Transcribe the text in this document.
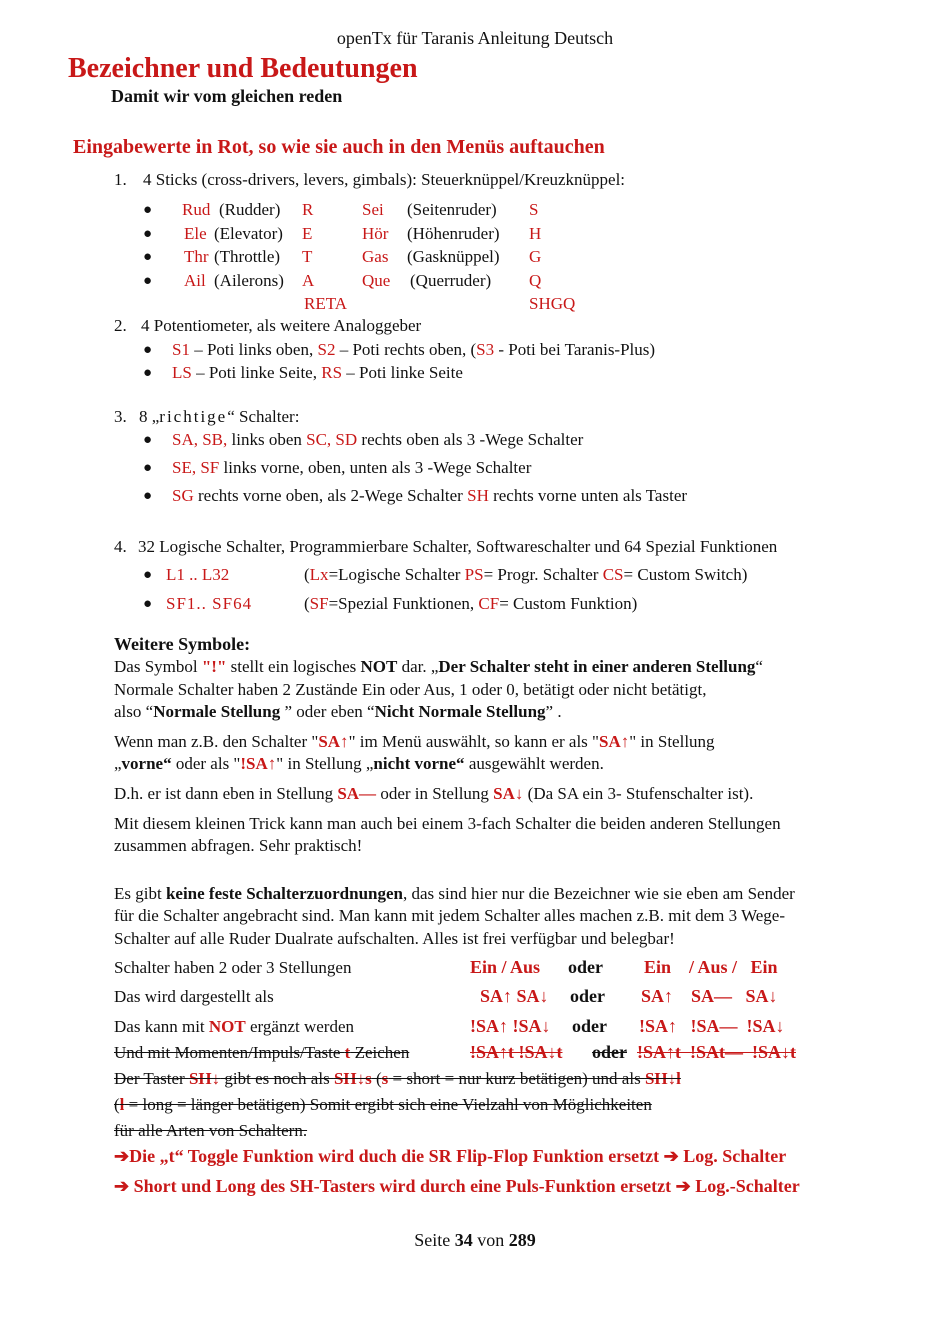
openTx für Taranis Anleitung Deutsch
Bezeichner und Bedeutungen
Damit wir vom gleichen reden
Eingabewerte in Rot, so wie sie auch in den Menüs auftauchen
1. 4 Sticks (cross-drivers, levers, gimbals): Steuerknüppel/Kreuzknüppel:
● Rud (Rudder) R	Sei (Seitenruder) S
● Ele (Elevator) E	Hör (Höhenruder) H
● Thr (Throttle) T	Gas (Gasknüppel) G
● Ail (Ailerons) A	Que (Querruder) Q
RETA	SHGQ
2. 4 Potentiometer, als weitere Analoggeber
● S1 – Poti links oben, S2 – Poti rechts oben, (S3 - Poti bei Taranis-Plus)
● LS – Poti linke Seite, RS – Poti linke Seite
3. 8 „richtige“ Schalter:
● SA, SB, links oben SC, SD rechts oben als 3 -Wege Schalter
● SE, SF links vorne, oben, unten als 3 -Wege Schalter
● SG rechts vorne oben, als 2-Wege Schalter SH rechts vorne unten als Taster
4. 32 Logische Schalter, Programmierbare Schalter, Softwareschalter und 64 Spezial Funktionen
● L1 .. L32	(Lx=Logische Schalter PS= Progr. Schalter CS= Custom Switch)
● SF1.. SF64	(SF=Spezial Funktionen, CF= Custom Funktion)
Weitere Symbole:
Das Symbol "!" stellt ein logisches NOT dar. „Der Schalter steht in einer anderen Stellung“
Normale Schalter haben 2 Zustände Ein oder Aus, 1 oder 0, betätigt oder nicht betätigt,
also “Normale Stellung ” oder eben “Nicht Normale Stellung” .
Wenn man z.B. den Schalter "SA↑" im Menü auswählt, so kann er als "SA↑" in Stellung
„vorne“ oder als "!SA↑" in Stellung „nicht vorne“ ausgewählt werden.
D.h. er ist dann eben in Stellung SA— oder in Stellung SA↓ (Da SA ein 3- Stufenschalter ist).
Mit diesem kleinen Trick kann man auch bei einem 3-fach Schalter die beiden anderen Stellungen
zusammen abfragen. Sehr praktisch!
Es gibt keine feste Schalterzuordnungen, das sind hier nur die Bezeichner wie sie eben am Sender
für die Schalter angebracht sind. Man kann mit jedem Schalter alles machen z.B. mit dem 3 Wege-
Schalter auf alle Ruder Dualrate aufschalten. Alles ist frei verfügbar und belegbar!
Schalter haben 2 oder 3 Stellungen	Ein / Aus oder Ein    / Aus /   Ein
Das wird dargestellt als	SA↑ SA↓ oder SA↑    SA—   SA↓
Das kann mit NOT ergänzt werden	!SA↑ !SA↓ oder !SA↑   !SA—  !SA↓
Und mit Momenten/Impuls/Taste t Zeichen	!SA↑t !SA↓t oder !SA↑t  !SAt—  !SA↓t
Der Taster SH↓ gibt es noch als SH↓s (s = short = nur kurz betätigen) und als SH↓l
(l = long = länger betätigen) Somit ergibt sich eine Vielzahl von Möglichkeiten
für alle Arten von Schaltern.
➔Die „t“ Toggle Funktion wird duch die SR Flip-Flop Funktion ersetzt ➔ Log. Schalter
➔ Short und Long des SH-Tasters wird durch eine Puls-Funktion ersetzt ➔ Log.-Schalter
Seite 34 von 289
